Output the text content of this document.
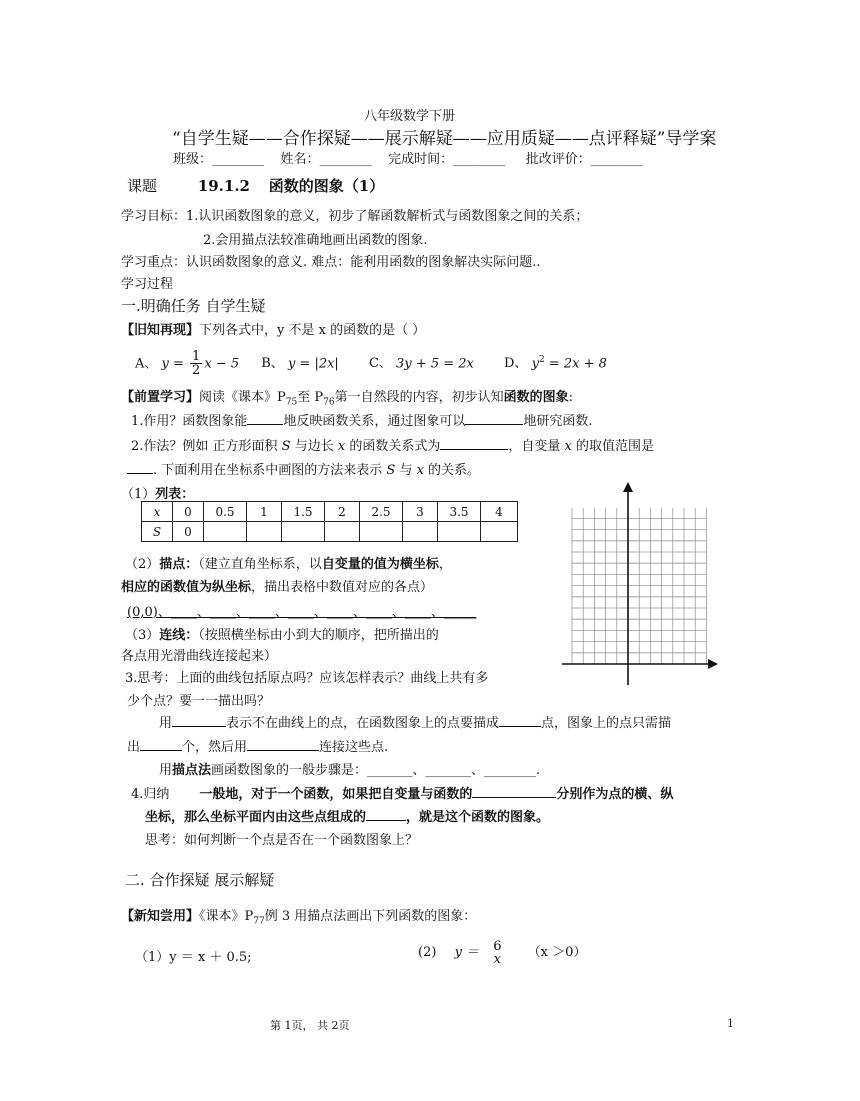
八年级数学下册
“自学生疑——合作探疑——展示解疑——应用质疑——点评释疑”导学案
班级：________ 姓名：________ 完成时间：________ 批改评价：________
课题	19.1.2 函数的图象（1）
学习目标：1.认识函数图象的意义，初步了解函数解析式与函数图象之间的关系；
2.会用描点法较准确地画出函数的图象.
学习重点：认识函数图象的意义. 难点：能利用函数的图象解决实际问题..
学习过程
一.明确任务 自学生疑
【旧知再现】下列各式中，y 不是 x 的函数的是（ ）
A、 $y = \frac{1}{2}$ x − 5 B、 y = |2x| C、 3y + 5 = 2x D、 $y^2 = 2x + 8$
【前置学习】阅读《课本》$P_{75}$至 $P_{76}$第一自然段的内容，初步认知函数的图象:
1.作用？函数图象能	地反映函数关系，通过图象可以	地研究函数.
2.作法？例如 正方形面积 S 与边长 x 的函数关系式为	，自变量 x 的取值范围是
. 下面利用在坐标系中画图的方法来表示 S 与 x 的关系。
（1）列表：
x	0	0.5	1	1.5	2	2.5	3	3.5	4
S	0								
（2）描点：（建立直角坐标系，以自变量的值为横坐标，
相应的函数值为纵坐标，描出表格中数值对应的各点）
(0,0)、____、____、____、____、____、____、____、_____
（3）连线：（按照横坐标由小到大的顺序，把所描出的
各点用光滑曲线连接起来）
3.思考：上面的曲线包括原点吗？应该怎样表示？曲线上共有多
少个点？要一一描出吗？
用	表示不在曲线上的点，在函数图象上的点要描成	点，图象上的点只需描
出	个，然后用	连接这些点.
用描点法画函数图象的一般步骤是：_______、_______、________.
4.归纳 一般地，对于一个函数，如果把自变量与函数的	分别作为点的横、纵
坐标，那么坐标平面内由这些点组成的	，就是这个函数的图象。
思考：如何判断一个点是否在一个函数图象上？
二. 合作探疑 展示解疑
【新知尝用】《课本》$P_{77}$例 3 用描点法画出下列函数的图象：
（1）y ＝ x ＋ 0.5;	(2) y ＝ 6
x （x ＞0）
第 1页， 共 2页	1
